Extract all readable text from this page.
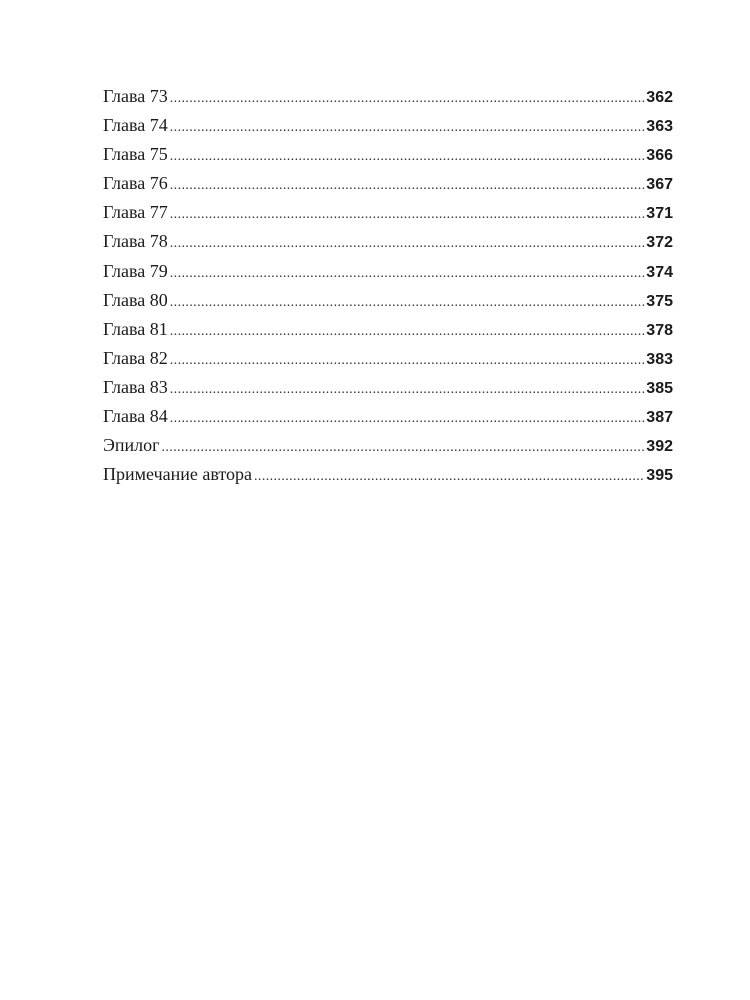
Глава 73 .....	362
Глава 74 .....	363
Глава 75 .....	366
Глава 76 .....	367
Глава 77 .....	371
Глава 78 .....	372
Глава 79 .....	374
Глава 80 .....	375
Глава 81 .....	378
Глава 82 .....	383
Глава 83 .....	385
Глава 84 .....	387
Эпилог .....	392
Примечание автора .....	395
